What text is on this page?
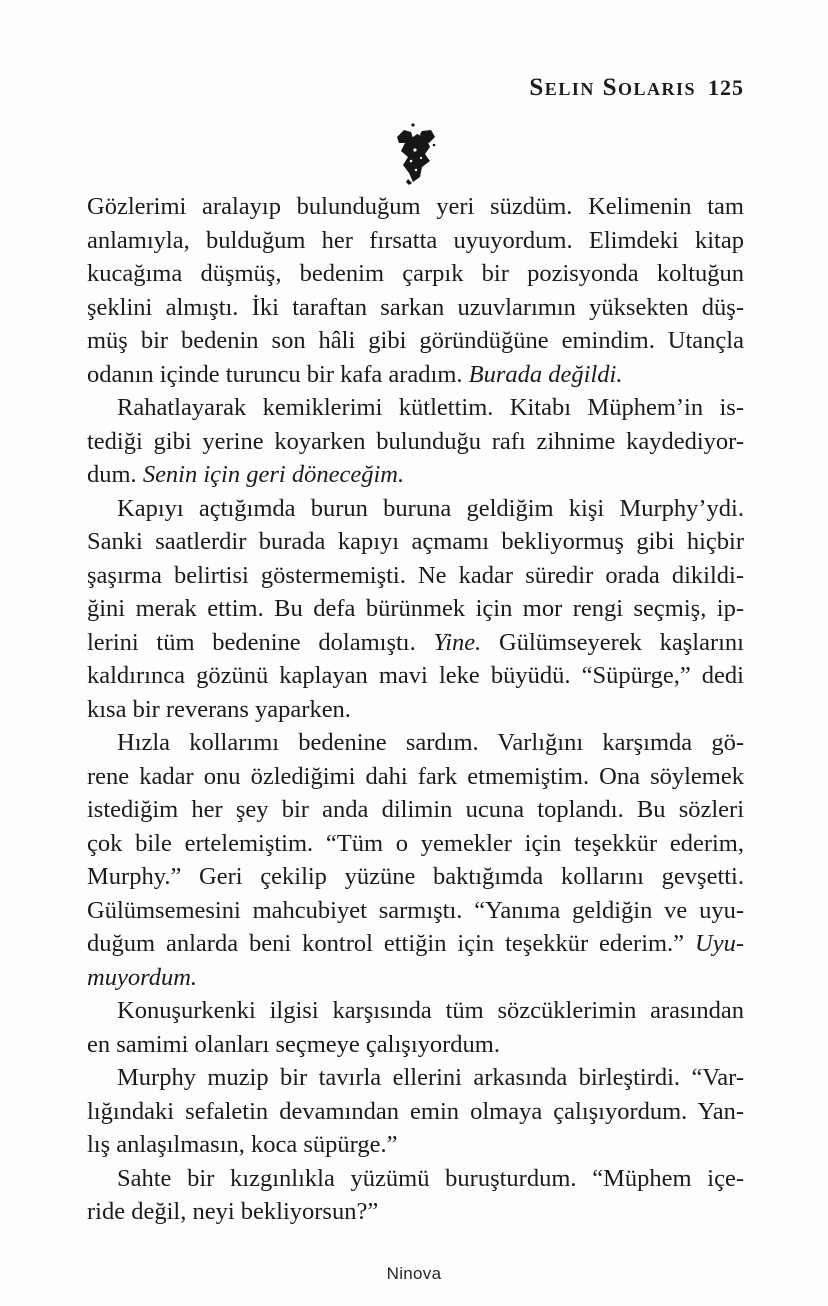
Selin Solaris 125
Gözlerimi aralayıp bulunduğum yeri süzdüm. Kelimenin tam
anlamıyla, bulduğum her fırsatta uyuyordum. Elimdeki kitap
kucağıma düşmüş, bedenim çarpık bir pozisyonda koltuğun
şeklini almıştı. İki taraftan sarkan uzuvlarımın yüksekten düş-
müş bir bedenin son hâli gibi göründüğüne emindim. Utançla
odanın içinde turuncu bir kafa aradım. Burada değildi.
Rahatlayarak kemiklerimi kütlettim. Kitabı Müphem’in is-
tediği gibi yerine koyarken bulunduğu rafı zihnime kaydediyor-
dum. Senin için geri döneceğim.
Kapıyı açtığımda burun buruna geldiğim kişi Murphy’ydi.
Sanki saatlerdir burada kapıyı açmamı bekliyormuş gibi hiçbir
şaşırma belirtisi göstermemişti. Ne kadar süredir orada dikildi-
ğini merak ettim. Bu defa bürünmek için mor rengi seçmiş, ip-
lerini tüm bedenine dolamıştı. Yine. Gülümseyerek kaşlarını
kaldırınca gözünü kaplayan mavi leke büyüdü. “Süpürge,” dedi
kısa bir reverans yaparken.
Hızla kollarımı bedenine sardım. Varlığını karşımda gö-
rene kadar onu özlediğimi dahi fark etmemiştim. Ona söylemek
istediğim her şey bir anda dilimin ucuna toplandı. Bu sözleri
çok bile ertelemiştim. “Tüm o yemekler için teşekkür ederim,
Murphy.” Geri çekilip yüzüne baktığımda kollarını gevşetti.
Gülümsemesini mahcubiyet sarmıştı. “Yanıma geldiğin ve uyu-
duğum anlarda beni kontrol ettiğin için teşekkür ederim.” Uyu-
muyordum.
Konuşurkenki ilgisi karşısında tüm sözcüklerimin arasından
en samimi olanları seçmeye çalışıyordum.
Murphy muzip bir tavırla ellerini arkasında birleştirdi. “Var-
lığındaki sefaletin devamından emin olmaya çalışıyordum. Yan-
lış anlaşılmasın, koca süpürge.”
Sahte bir kızgınlıkla yüzümü buruşturdum. “Müphem içe-
ride değil, neyi bekliyorsun?”
Ninova
